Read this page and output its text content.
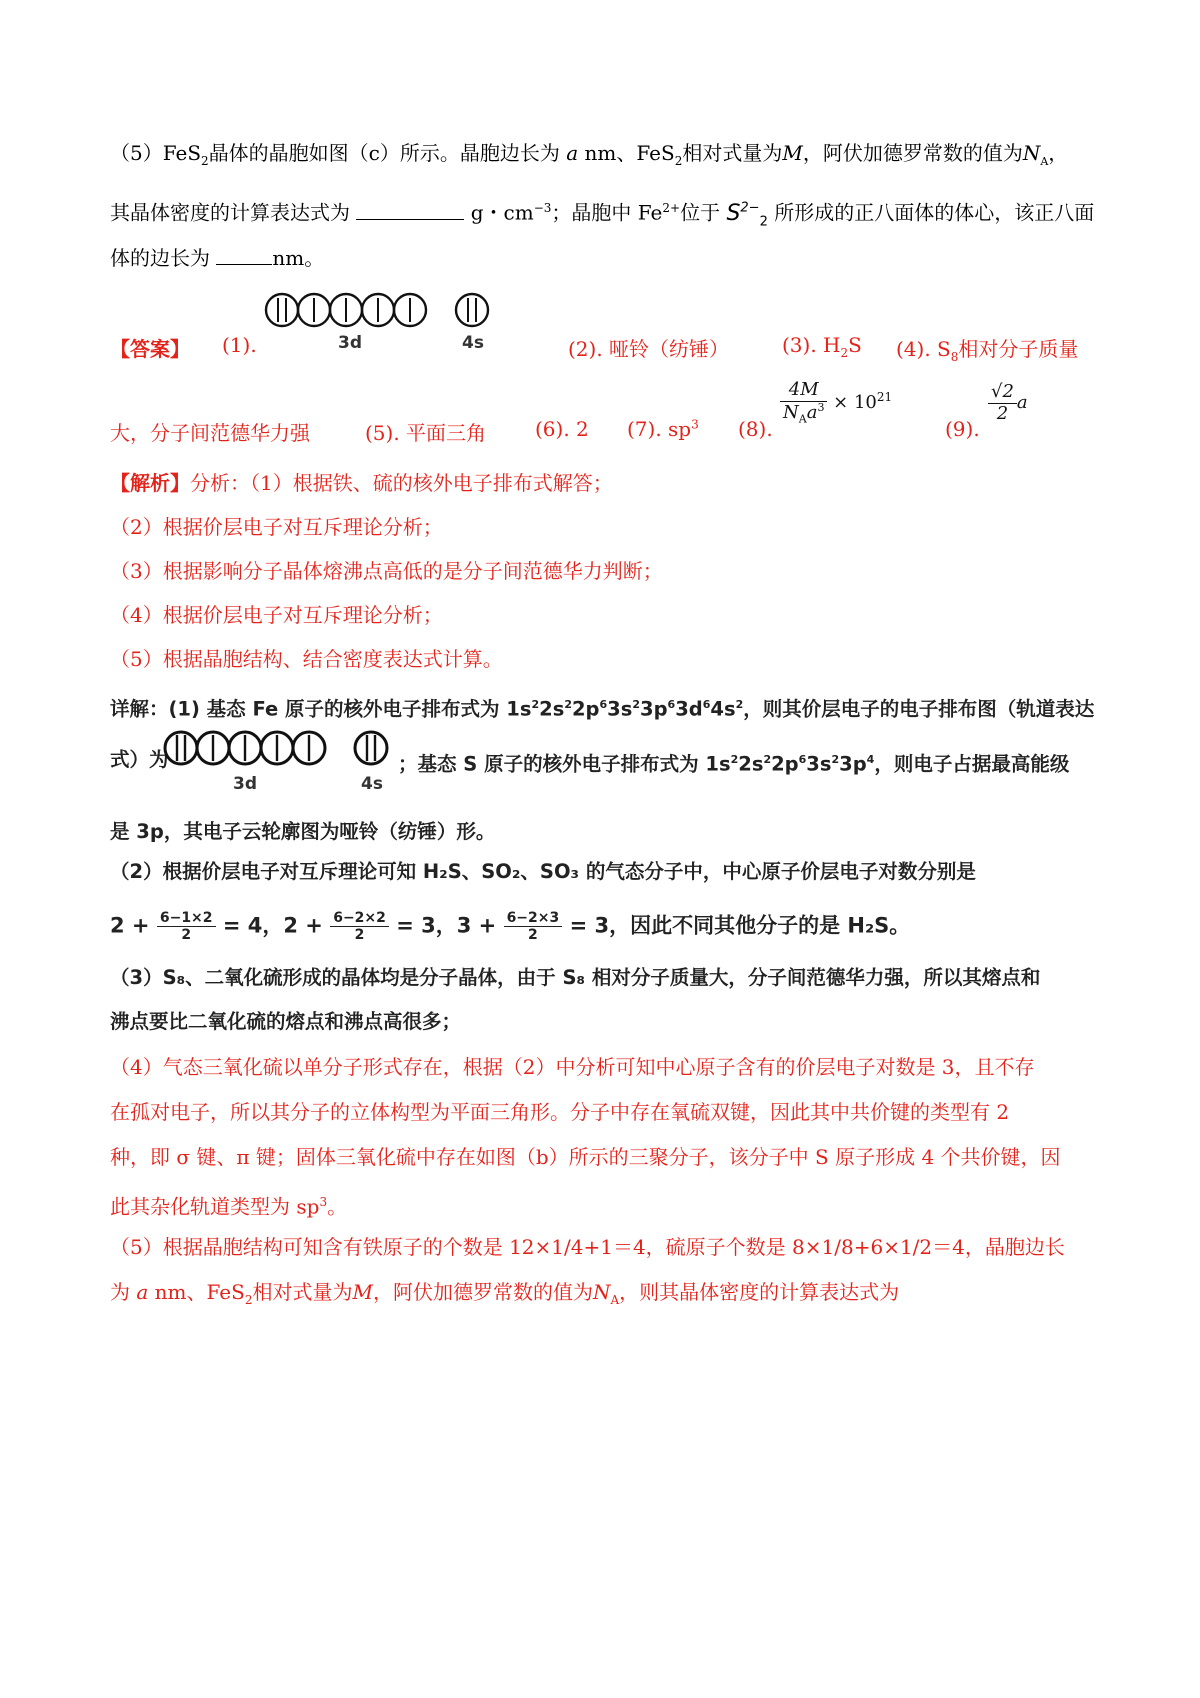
（5）FeS$_2$晶体的晶胞如图（c）所示。晶胞边长为 a nm、FeS$_2$相对式量为M，阿伏加德罗常数的值为$N_A$，
其晶体密度的计算表达式为	g・$cm^{-3}$；晶胞中 $Fe^{2+}$位于 $S^{2-}_2$ 所形成的正八面体的体心，该正八面
体的边长为	nm。
【答案】 (1).	3d	4s	(2). 哑铃（纺锤）	(3). $H_2S$ (4). $S_8$相对分子质量
大，分子间范德华力强	(5). 平面三角 (6). 2 (7). $sp^3$ (8).
$\frac{4M}{N_Aa^3} \times 10^{21}$
(9).
$\frac{√2}{2}$ a
【解析】分析：（1）根据铁、硫的核外电子排布式解答；
（2）根据价层电子对互斥理论分析；
（3）根据影响分子晶体熔沸点高低的是分子间范德华力判断；
（4）根据价层电子对互斥理论分析；
（5）根据晶胞结构、结合密度表达式计算。
详解：(1) 基态 Fe 原子的核外电子排布式为 $1s^22s^22p^63s^23p^63d^64s^2$，则其价层电子的电子排布图（轨道表达
式）为
3d	4s
；基态 S 原子的核外电子排布式为 $1s^22s^22p^63s^23p^4$，则电子占据最高能级
是 3p，其电子云轮廓图为哑铃（纺锤）形。
（2）根据价层电子对互斥理论可知 H₂S、SO₂、SO₃ 的气态分子中，中心原子价层电子对数分别是
$2 + \frac{6-1\times 2}{2} = 4$，$2 + \frac{6-2\times 2}{2} = 3$，$3 + \frac{6-2\times 3}{2} = 3$，因此不同其他分子的是 H₂S。
（3）S₈、二氧化硫形成的晶体均是分子晶体，由于 S₈ 相对分子质量大，分子间范德华力强，所以其熔点和
沸点要比二氧化硫的熔点和沸点高很多；
（4）气态三氧化硫以单分子形式存在，根据（2）中分析可知中心原子含有的价层电子对数是 3，且不存
在孤对电子，所以其分子的立体构型为平面三角形。分子中存在氧硫双键，因此其中共价键的类型有 2
种，即 σ 键、π 键；固体三氧化硫中存在如图（b）所示的三聚分子，该分子中 S 原子形成 4 个共价键，因
此其杂化轨道类型为 $sp^3$。
（5）根据晶胞结构可知含有铁原子的个数是 12×1/4+1＝4，硫原子个数是 8×1/8+6×1/2＝4，晶胞边长
为 a nm、FeS$_2$相对式量为M，阿伏加德罗常数的值为$N_A$，则其晶体密度的计算表达式为
